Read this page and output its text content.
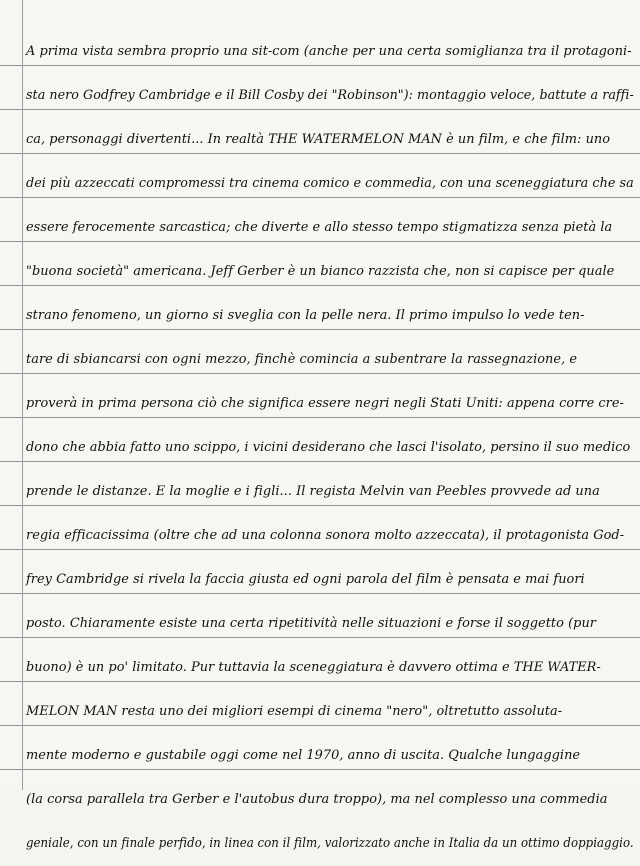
A prima vista sembra proprio una sit-com (anche per una certa somiglianza tra il protagoni-
sta nero Godfrey Cambridge e il Bill Cosby dei "Robinson"): montaggio veloce, battute a raffi-
ca, personaggi divertenti... In realtà THE WATERMELON MAN è un film, e che film: uno
dei più azzeccati compromessi tra cinema comico e commedia, con una sceneggiatura che sa
essere ferocemente sarcastica; che diverte e allo stesso tempo stigmatizza senza pietà la
"buona società" americana. Jeff Gerber è un bianco razzista che, non si capisce per quale
strano fenomeno, un giorno si sveglia con la pelle nera. Il primo impulso lo vede ten-
tare di sbiancarsi con ogni mezzo, finchè comincia a subentrare la rassegnazione, e
proverà in prima persona ciò che significa essere negri negli Stati Uniti: appena corre cre-
dono che abbia fatto uno scippo, i vicini desiderano che lasci l'isolato, persino il suo medico
prende le distanze. E la moglie e i figli... Il regista Melvin van Peebles provvede ad una
regia efficacissima (oltre che ad una colonna sonora molto azzeccata), il protagonista God-
frey Cambridge si rivela la faccia giusta ed ogni parola del film è pensata e mai fuori
posto. Chiaramente esiste una certa ripetitività nelle situazioni e forse il soggetto (pur
buono) è un po' limitato. Pur tuttavia la sceneggiatura è davvero ottima e THE WATER-
MELON MAN resta uno dei migliori esempi di cinema "nero", oltretutto assoluta-
mente moderno e gustabile oggi come nel 1970, anno di uscita. Qualche lungaggine
(la corsa parallela tra Gerber e l'autobus dura troppo), ma nel complesso una commedia
geniale, con un finale perfido, in linea con il film, valorizzato anche in Italia da un ottimo doppiaggio.
